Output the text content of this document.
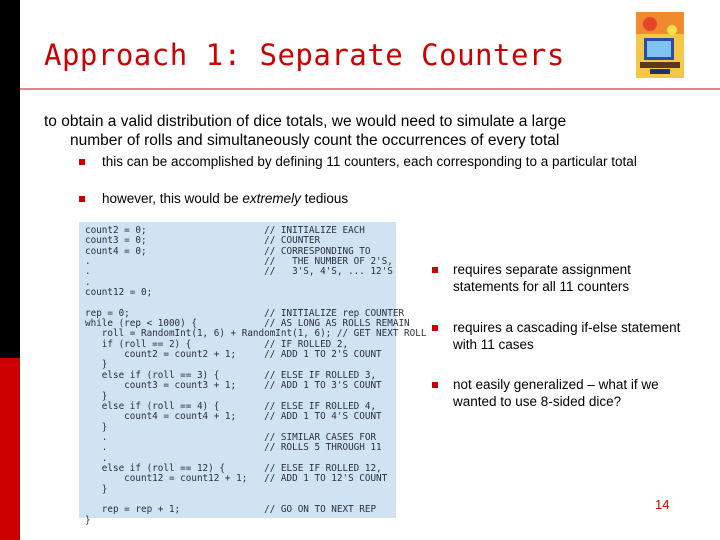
Approach 1: Separate Counters
to obtain a valid distribution of dice totals, we would need to simulate a large
number of rolls and simultaneously count the occurrences of every total
this can be accomplished by defining 11 counters, each corresponding to a particular total
however, this would be extremely tedious
count2 = 0;                     // INITIALIZE EACH
count3 = 0;                     // COUNTER
count4 = 0;                     // CORRESPONDING TO
.                               //   THE NUMBER OF 2'S,
.                               //   3'S, 4'S, ... 12'S
.
count12 = 0;

rep = 0;                        // INITIALIZE rep COUNTER
while (rep < 1000) {            // AS LONG AS ROLLS REMAIN
roll = RandomInt(1, 6) + RandomInt(1, 6); // GET NEXT ROLL
if (roll == 2) {             // IF ROLLED 2,
count2 = count2 + 1;     // ADD 1 TO 2'S COUNT
}
else if (roll == 3) {        // ELSE IF ROLLED 3,
count3 = count3 + 1;     // ADD 1 TO 3'S COUNT
}
else if (roll == 4) {        // ELSE IF ROLLED 4,
count4 = count4 + 1;     // ADD 1 TO 4'S COUNT
}
.                            // SIMILAR CASES FOR
.                            // ROLLS 5 THROUGH 11
.
else if (roll == 12) {       // ELSE IF ROLLED 12,
count12 = count12 + 1;   // ADD 1 TO 12'S COUNT
}

rep = rep + 1;               // GO ON TO NEXT REP
}
requires separate assignment statements for all 11 counters
requires a cascading if-else statement with 11 cases
not easily generalized – what if we wanted to use 8-sided dice?
14
